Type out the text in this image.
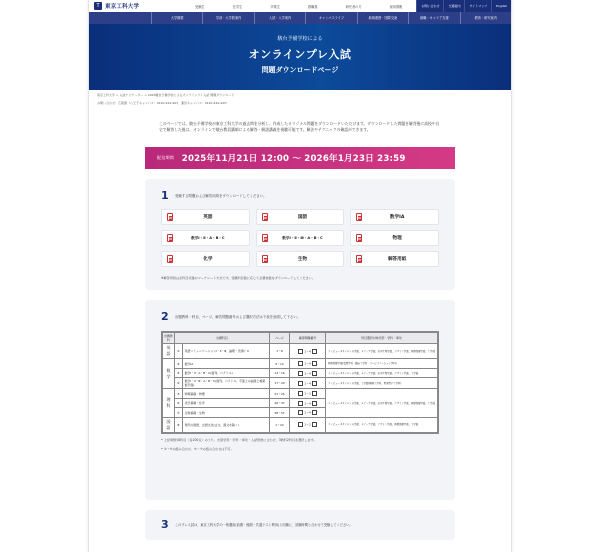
T 東京工科大学	受験生	在学生	卒業生	教職員	研究者の方	採用情報	お問い合わせ	交通案内	サイトマップ	English
大学概要	学部・大学院案内	入試・入学案内	キャンパスライフ	地域連携・国際交流	就職・キャリア支援	教育・研究案内
駿台予備学校による
オンラインプレ入試
問題ダウンロードページ
東京工科大学 > 入試ナビゲーター > 2025駿台予備学校によるオンラインプレ入試 問題ダウンロード
お問い合わせ：広報課（八王子キャンパス：0120-444-903、蒲田キャンパス：0120-444-925）

このページでは、駿台予備学校が東京工科大学の過去問を分析し、作成したオリジナル問題をダウンロードいただけます。ダウンロードした問題を解答後に高校や自宅で解答した後は、オンラインで駿台教員講師による解答・解説講義を視聴可能です。解法やテクニックの確認ができます。

配信期間 2025年11月21日 12:00 ～ 2026年1月23日 23:59
1	受験する問題および解答用紙をダウンロードしてください。
英語	国語	数学ⅠA
数学Ⅰ・Ⅱ・A・B・C	数学Ⅰ・Ⅱ・Ⅲ・A・B・C	物理
化学	生物	解答用紙

※解答用紙は全科目共通のマークシート方式です。受験科目数に応じて必要枚数をダウンロードしてください。

2	出題教科・科目、ページ、解答問題番号および選択方法は下表を参照して下さい。
出題教科	出題科目		ページ	解答問題番号	科目選択対象学部・学科・専攻
英語	①	英語コミュニケーションⅠ・Ⅱ・Ⅲ、論理・表現Ⅰ・Ⅱ	1～8	1～4	コンピュータサイエンス学部、メディア学部、応用生物学部、デザイン学部、医療保健学部、工学部
数学	②	数学ⅠA	9～12	1～4	医療保健学部(看護学科・臨床工学科・リハビリテーション学科)
	③	数学Ⅰ・Ⅱ・A・B・C(数列、ベクトル)	13～16	1～4	コンピュータサイエンス学部、メディア学部、応用生物学部、デザイン学部、工学部
	④	数学Ⅰ・Ⅱ・Ⅲ・A・B・C(数列、ベクトル、平面上の曲線と複素数平面)	17～20	1～4	コンピュータサイエンス学部、工学部(機械工学科、電気電子工学科)
理科	⑤	物理基礎・物理	21～25	1～3	コンピュータサイエンス学部、メディア学部、応用生物学部、デザイン学部、医療保健学部、工学部
	⑥	化学基礎・化学	26～37	1～4	
	⑦	生物基礎・生物	38～57	1～4	
国語	⑧	現代の国語、言語文化(古文、漢文を除く)	1～22	1～2	コンピュータサイエンス学部、メディア学部、デザイン学部、医療保健学部、工学部

• 上記4教科8科目（各100点）のうち、志望学部・学科・専攻・入試形態に合わせ、3教科2科目を選択します。

• ②～⑤の組み合わせ、⑥～⑦の組み合わせは不可。

3	このプレ入試は、東京工科大学の一般選抜(前期・後期・共通テスト利用)と同様に、試験時間と合わせて受験してください。
